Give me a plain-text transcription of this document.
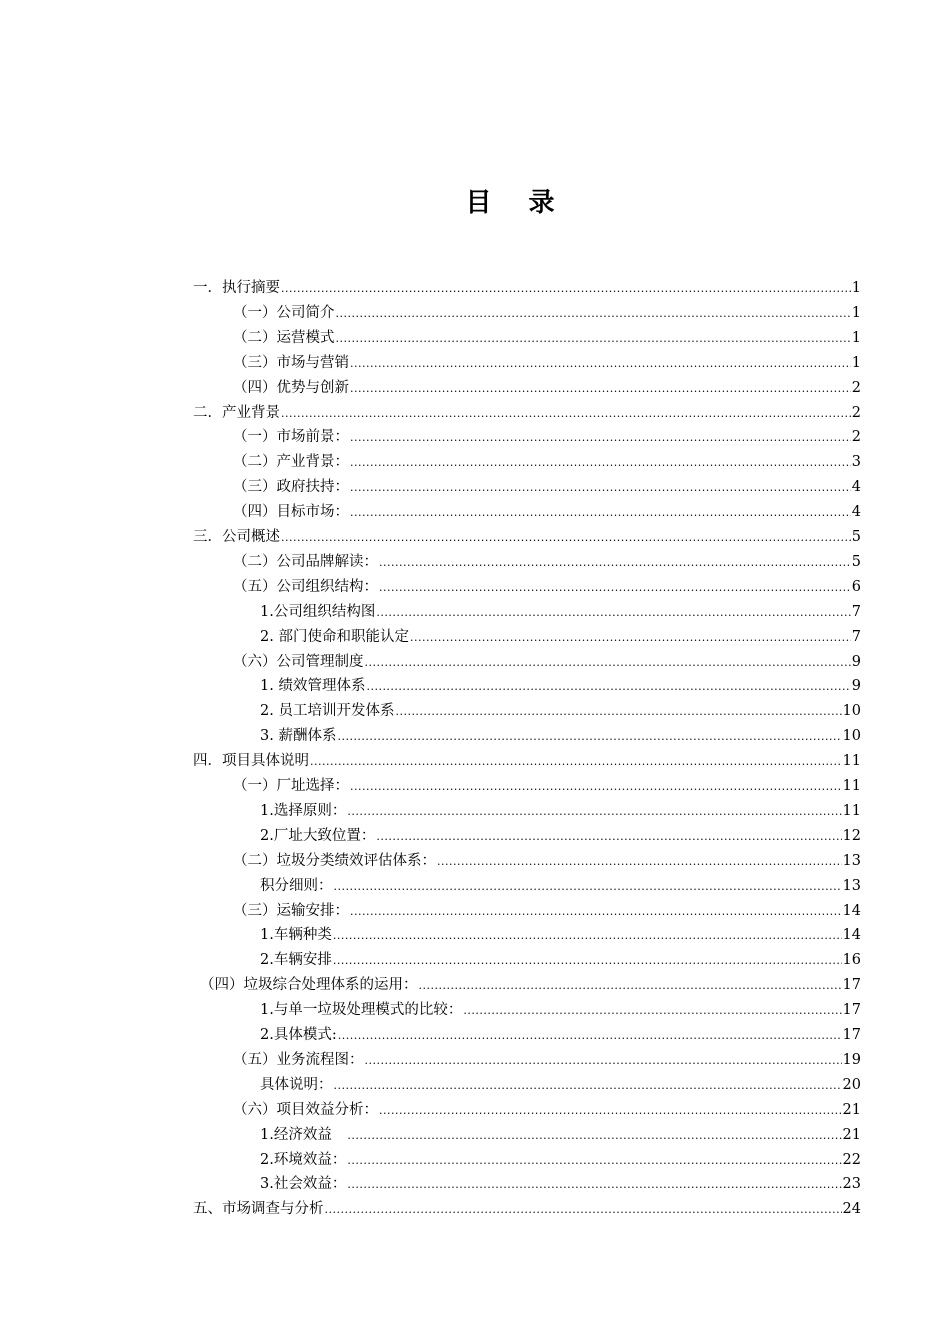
目 录
一．执行摘要 .....	1
（一）公司简介 .....	1
（二）运营模式 .....	1
（三）市场与营销 .....	1
（四）优势与创新 .....	2
二．产业背景 .....	2
（一）市场前景： .....	2
（二）产业背景： .....	3
（三）政府扶持： .....	4
（四）目标市场： .....	4
三．公司概述 .....	5
（二）公司品牌解读： .....	5
（五）公司组织结构： .....	6
1.公司组织结构图 .....	7
2. 部门使命和职能认定 .....	7
（六）公司管理制度 .....	9
1. 绩效管理体系 .....	9
2. 员工培训开发体系 .....	10
3. 薪酬体系 .....	10
四．项目具体说明 .....	11
（一）厂址选择： .....	11
1.选择原则： .....	11
2.厂址大致位置： .....	12
（二）垃圾分类绩效评估体系： .....	13
积分细则： .....	13
（三）运输安排： .....	14
1.车辆种类 .....	14
2.车辆安排 .....	16
（四）垃圾综合处理体系的运用： .....	17
1.与单一垃圾处理模式的比较： .....	17
2.具体模式: .....	17
（五）业务流程图： .....	19
具体说明： .....	20
（六）项目效益分析： .....	21
1.经济效益　 .....	21
2.环境效益： .....	22
3.社会效益： .....	23
五、市场调查与分析 .....	24
